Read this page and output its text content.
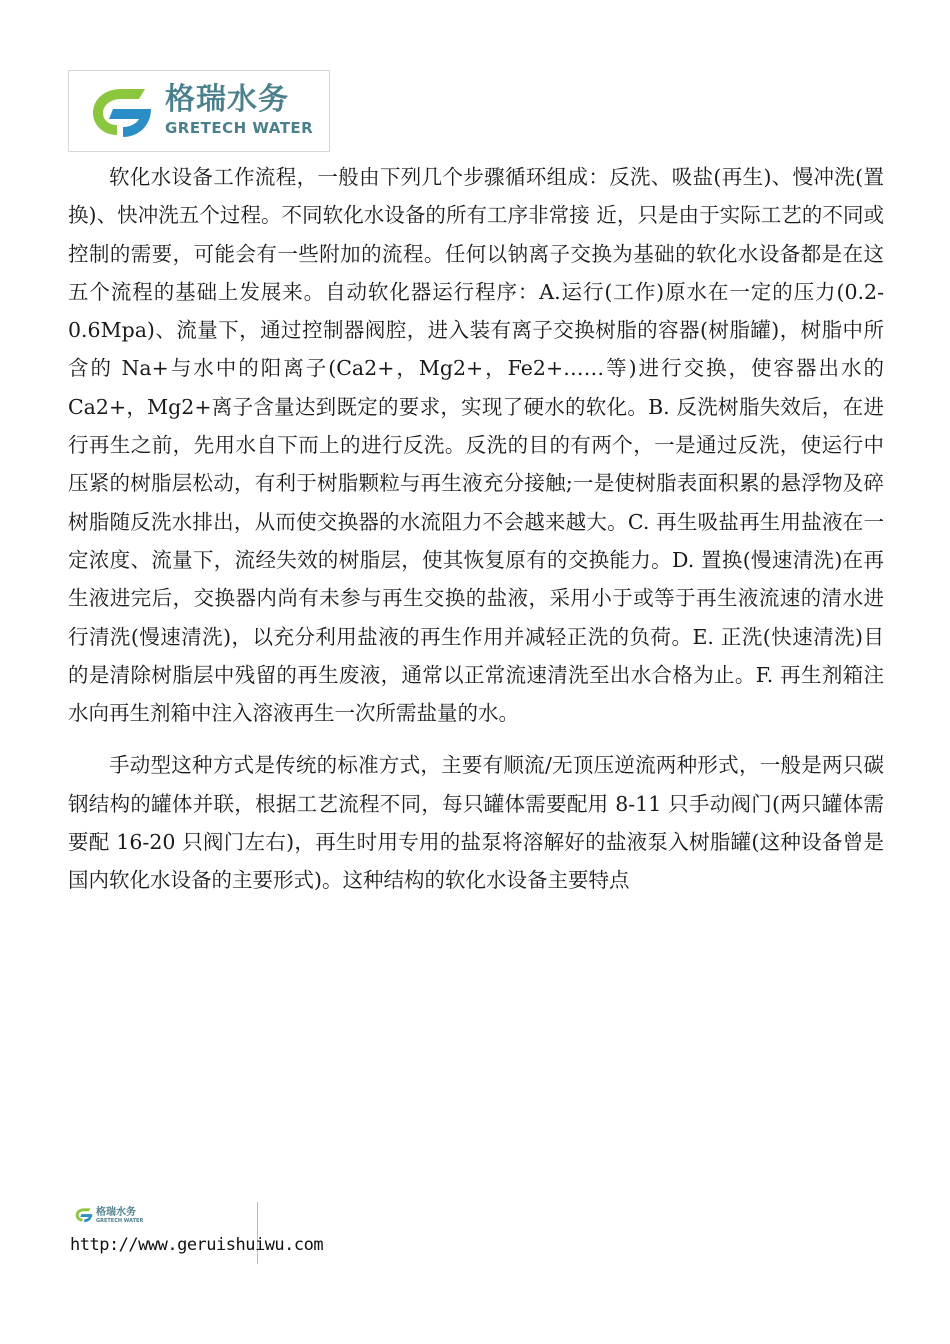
格瑞水务
GRETECH WATER

软化水设备工作流程，一般由下列几个步骤循环组成：反洗、吸盐(再生)、慢冲洗(置换)、快冲洗五个过程。不同软化水设备的所有工序非常接 近，只是由于实际工艺的不同或控制的需要，可能会有一些附加的流程。任何以钠离子交换为基础的软化水设备都是在这五个流程的基础上发展来。自动软化器运行程序：A.运行(工作)原水在一定的压力(0.2-0.6Mpa)、流量下，通过控制器阀腔，进入装有离子交换树脂的容器(树脂罐)，树脂中所含的 Na+与水中的阳离子(Ca2+，Mg2+，Fe2+……等)进行交换，使容器出水的 Ca2+，Mg2+离子含量达到既定的要求，实现了硬水的软化。B. 反洗树脂失效后，在进行再生之前，先用水自下而上的进行反洗。反洗的目的有两个，一是通过反洗，使运行中压紧的树脂层松动，有利于树脂颗粒与再生液充分接触;一是使树脂表面积累的悬浮物及碎树脂随反洗水排出，从而使交换器的水流阻力不会越来越大。C. 再生吸盐再生用盐液在一定浓度、流量下，流经失效的树脂层，使其恢复原有的交换能力。D. 置换(慢速清洗)在再生液进完后，交换器内尚有未参与再生交换的盐液，采用小于或等于再生液流速的清水进行清洗(慢速清洗)，以充分利用盐液的再生作用并减轻正洗的负荷。E. 正洗(快速清洗)目的是清除树脂层中残留的再生废液，通常以正常流速清洗至出水合格为止。F. 再生剂箱注水向再生剂箱中注入溶液再生一次所需盐量的水。

手动型这种方式是传统的标准方式，主要有顺流/无顶压逆流两种形式，一般是两只碳钢结构的罐体并联，根据工艺流程不同，每只罐体需要配用 8-11 只手动阀门(两只罐体需要配 16-20 只阀门左右)，再生时用专用的盐泵将溶解好的盐液泵入树脂罐(这种设备曾是国内软化水设备的主要形式)。这种结构的软化水设备主要特点

格瑞水务
GRETECH WATER
http://www.geruishuiwu.com
